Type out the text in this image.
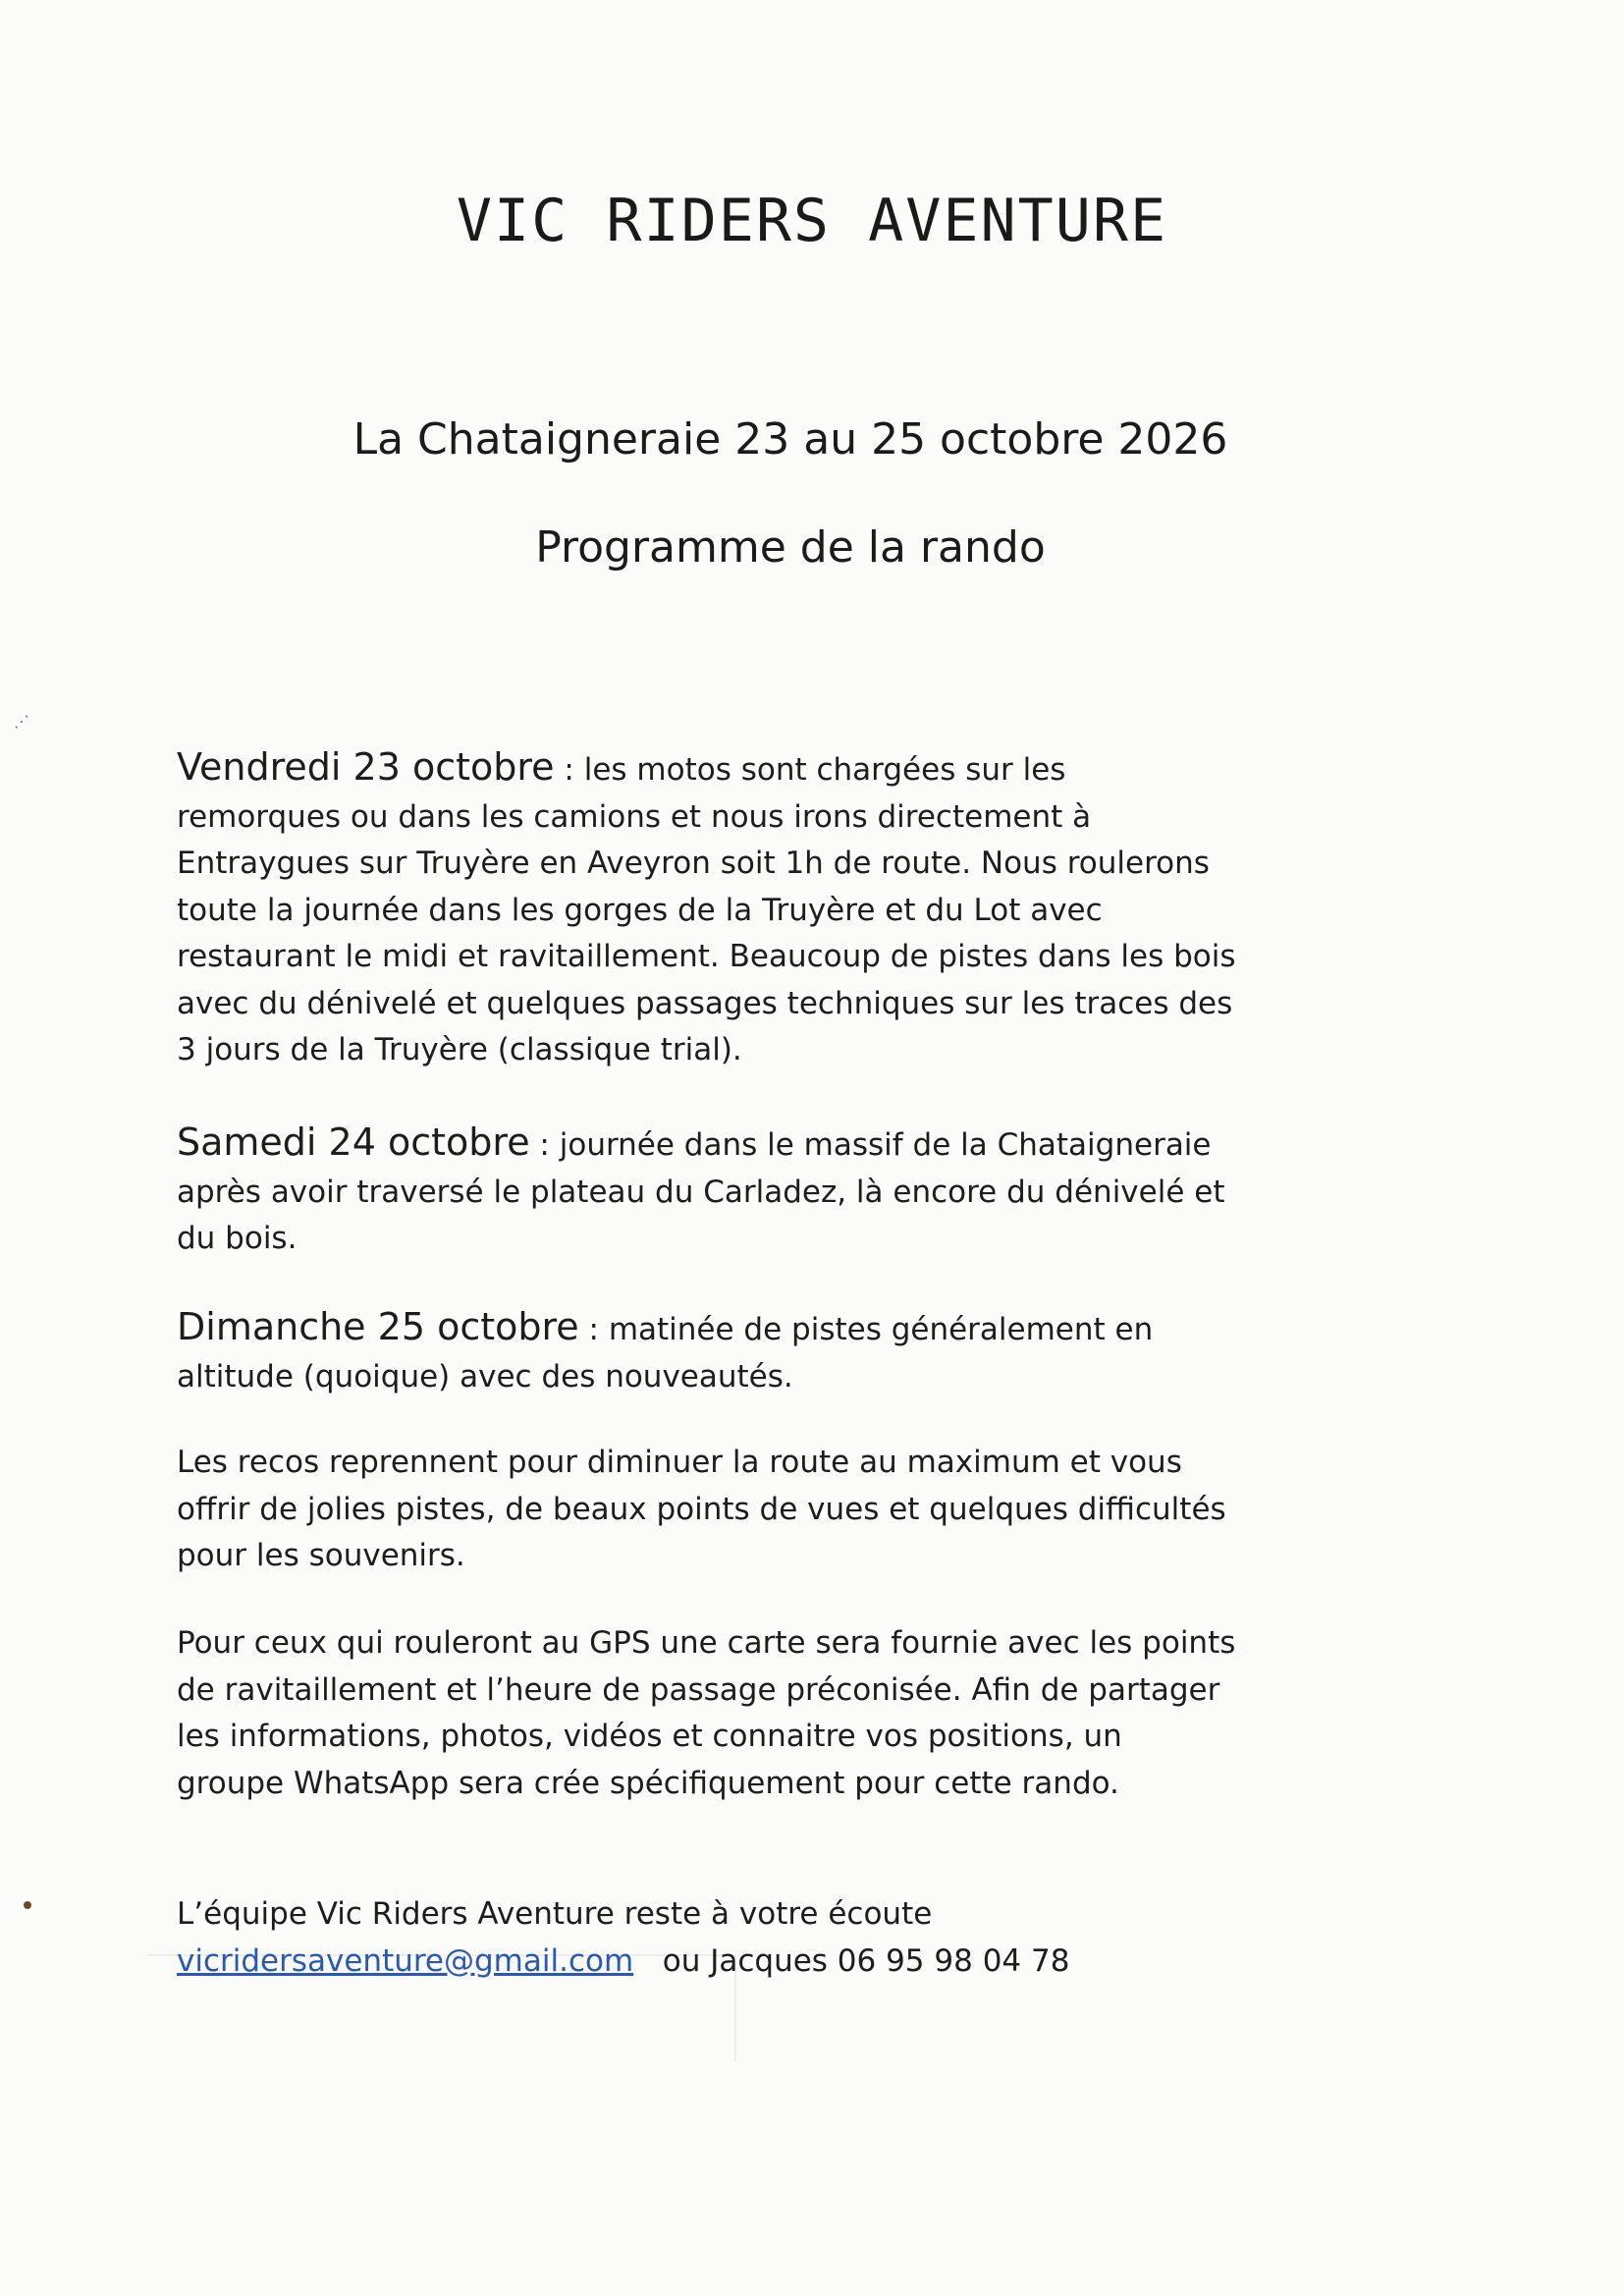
VIC RIDERS AVENTURE
La Chataigneraie 23 au 25 octobre 2026
Programme de la rando

Vendredi 23 octobre : les motos sont chargées sur les remorques ou dans les camions et nous irons directement à Entraygues sur Truyère en Aveyron soit 1h de route. Nous roulerons toute la journée dans les gorges de la Truyère et du Lot avec restaurant le midi et ravitaillement. Beaucoup de pistes dans les bois avec du dénivelé et quelques passages techniques sur les traces des 3 jours de la Truyère (classique trial).

Samedi 24 octobre : journée dans le massif de la Chataigneraie après avoir traversé le plateau du Carladez, là encore du dénivelé et du bois.

Dimanche 25 octobre : matinée de pistes généralement en altitude (quoique) avec des nouveautés.

Les recos reprennent pour diminuer la route au maximum et vous offrir de jolies pistes, de beaux points de vues et quelques difficultés pour les souvenirs.

Pour ceux qui rouleront au GPS une carte sera fournie avec les points de ravitaillement et l’heure de passage préconisée. Afin de partager les informations, photos, vidéos et connaitre vos positions, un groupe WhatsApp sera crée spécifiquement pour cette rando.

L’équipe Vic Riders Aventure reste à votre écoute

vicridersaventure@gmail.com ou Jacques 06 95 98 04 78

⋰
